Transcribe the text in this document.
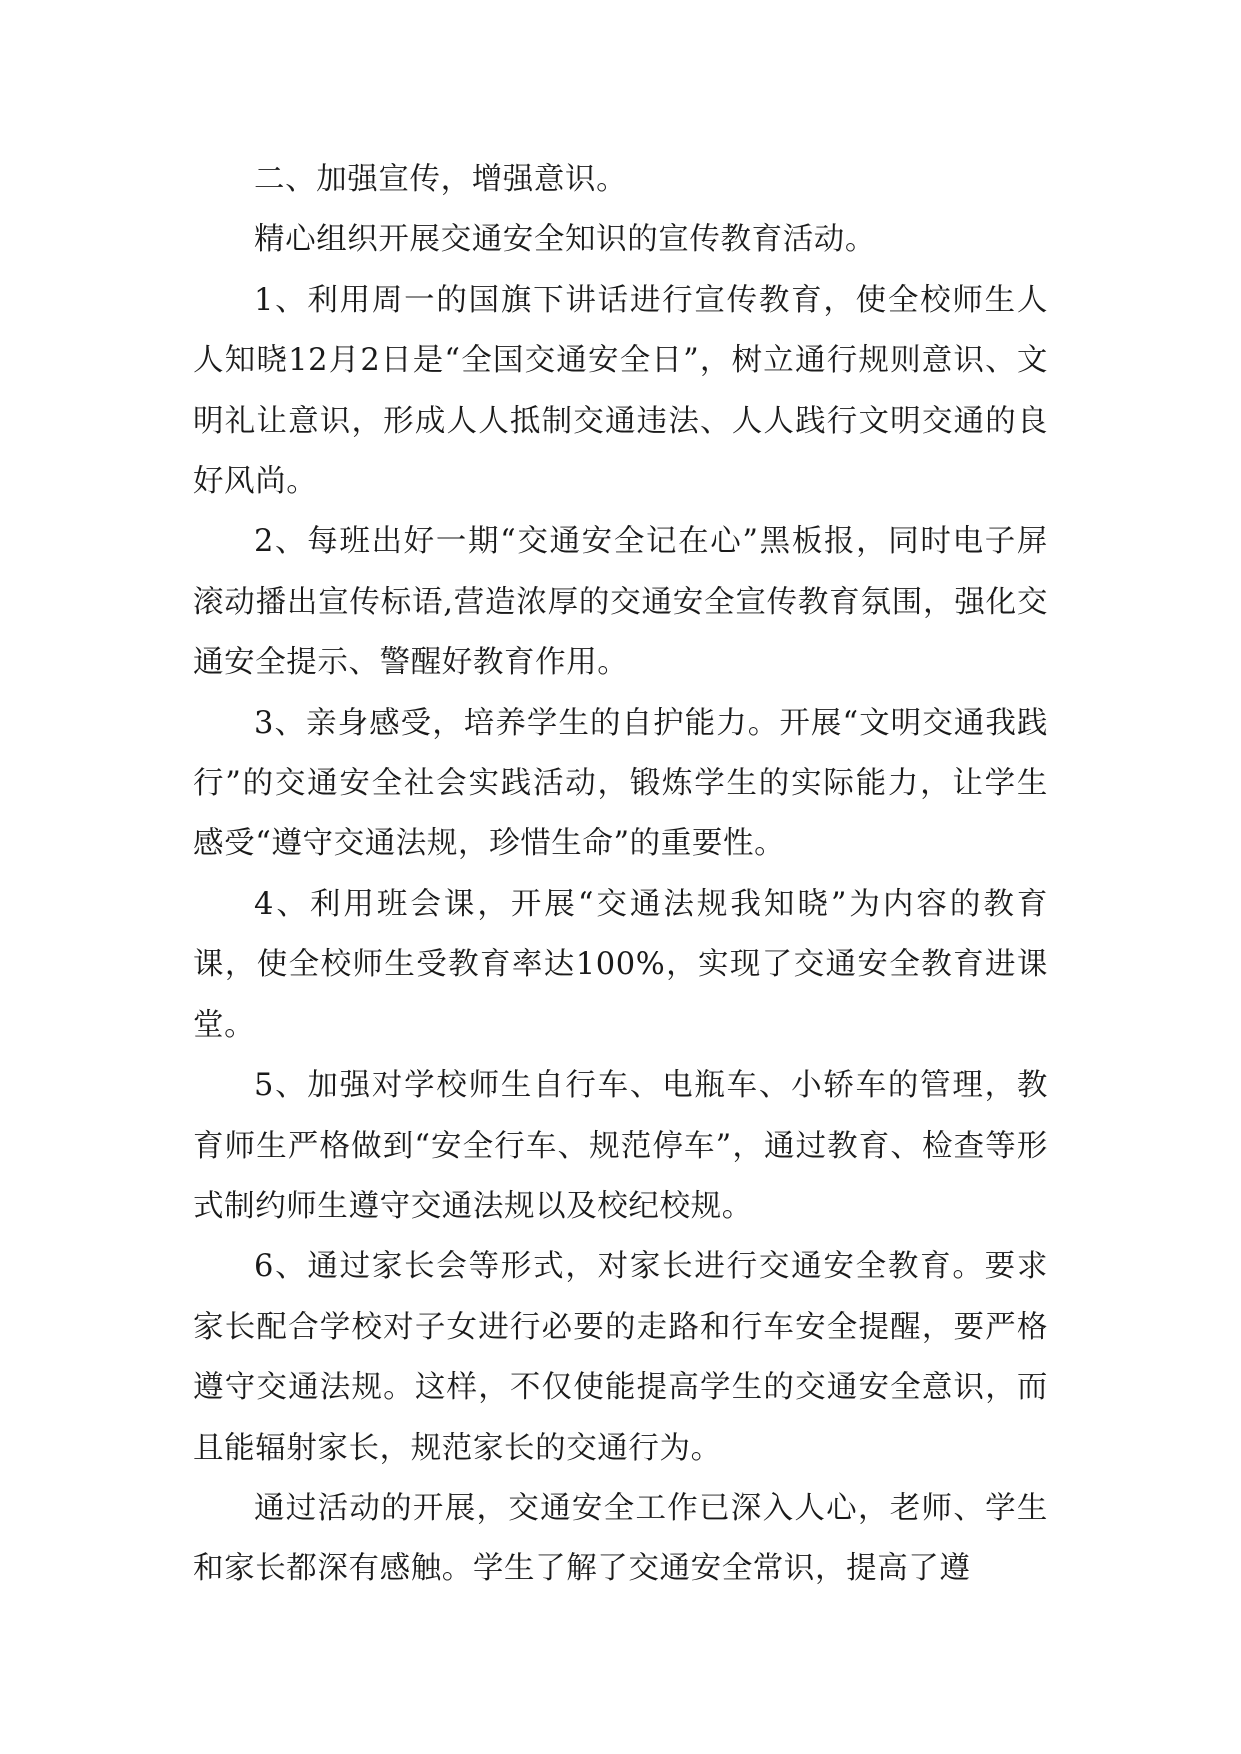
二、加强宣传，增强意识。

精心组织开展交通安全知识的宣传教育活动。

1、利用周一的国旗下讲话进行宣传教育，使全校师生人人知晓12月2日是“全国交通安全日”，树立通行规则意识、文明礼让意识，形成人人抵制交通违法、人人践行文明交通的良好风尚。

2、每班出好一期“交通安全记在心”黑板报，同时电子屏滚动播出宣传标语,营造浓厚的交通安全宣传教育氛围，强化交通安全提示、警醒好教育作用。

3、亲身感受，培养学生的自护能力。开展“文明交通我践行”的交通安全社会实践活动，锻炼学生的实际能力，让学生感受“遵守交通法规，珍惜生命”的重要性。

4、利用班会课，开展“交通法规我知晓”为内容的教育课，使全校师生受教育率达100%，实现了交通安全教育进课堂。

5、加强对学校师生自行车、电瓶车、小轿车的管理，教育师生严格做到“安全行车、规范停车”，通过教育、检查等形式制约师生遵守交通法规以及校纪校规。

6、通过家长会等形式，对家长进行交通安全教育。要求家长配合学校对子女进行必要的走路和行车安全提醒，要严格遵守交通法规。这样，不仅使能提高学生的交通安全意识，而且能辐射家长，规范家长的交通行为。

通过活动的开展，交通安全工作已深入人心，老师、学生和家长都深有感触。学生了解了交通安全常识，提高了遵
